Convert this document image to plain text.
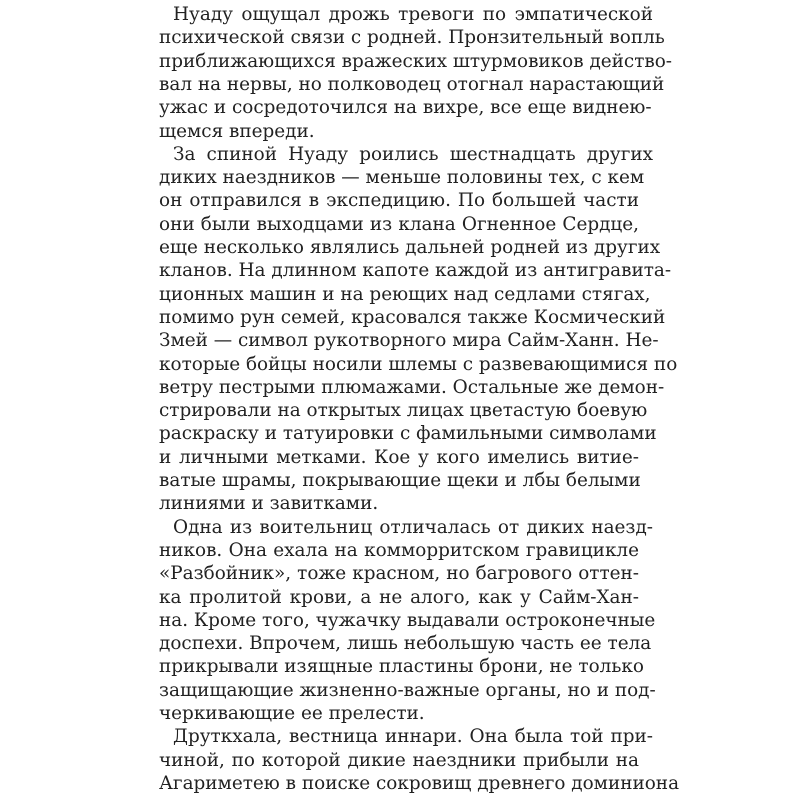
Нуаду ощущал дрожь тревоги по эмпатической
психической связи с родней. Пронзительный вопль
приближающихся вражеских штурмовиков действо-
вал на нервы, но полководец отогнал нарастающий
ужас и сосредоточился на вихре, все еще виднею-
щемся впереди.
За спиной Нуаду роились шестнадцать других
диких наездников — меньше половины тех, с кем
он отправился в экспедицию. По большей части
они были выходцами из клана Огненное Сердце,
еще несколько являлись дальней родней из других
кланов. На длинном капоте каждой из антигравита-
ционных машин и на реющих над седлами стягах,
помимо рун семей, красовался также Космический
Змей — символ рукотворного мира Сайм-Ханн. Не-
которые бойцы носили шлемы с развевающимися по
ветру пестрыми плюмажами. Остальные же демон-
стрировали на открытых лицах цветастую боевую
раскраску и татуировки с фамильными символами
и личными метками. Кое у кого имелись витие-
ватые шрамы, покрывающие щеки и лбы белыми
линиями и завитками.
Одна из воительниц отличалась от диких наезд-
ников. Она ехала на комморритском гравицикле
«Разбойник», тоже красном, но багрового оттен-
ка пролитой крови, а не алого, как у Сайм-Хан-
на. Кроме того, чужачку выдавали остроконечные
доспехи. Впрочем, лишь небольшую часть ее тела
прикрывали изящные пластины брони, не только
защищающие жизненно-важные органы, но и под-
черкивающие ее прелести.
Друткхала, вестница иннари. Она была той при-
чиной, по которой дикие наездники прибыли на
Агариметею в поиске сокровищ древнего доминиона
